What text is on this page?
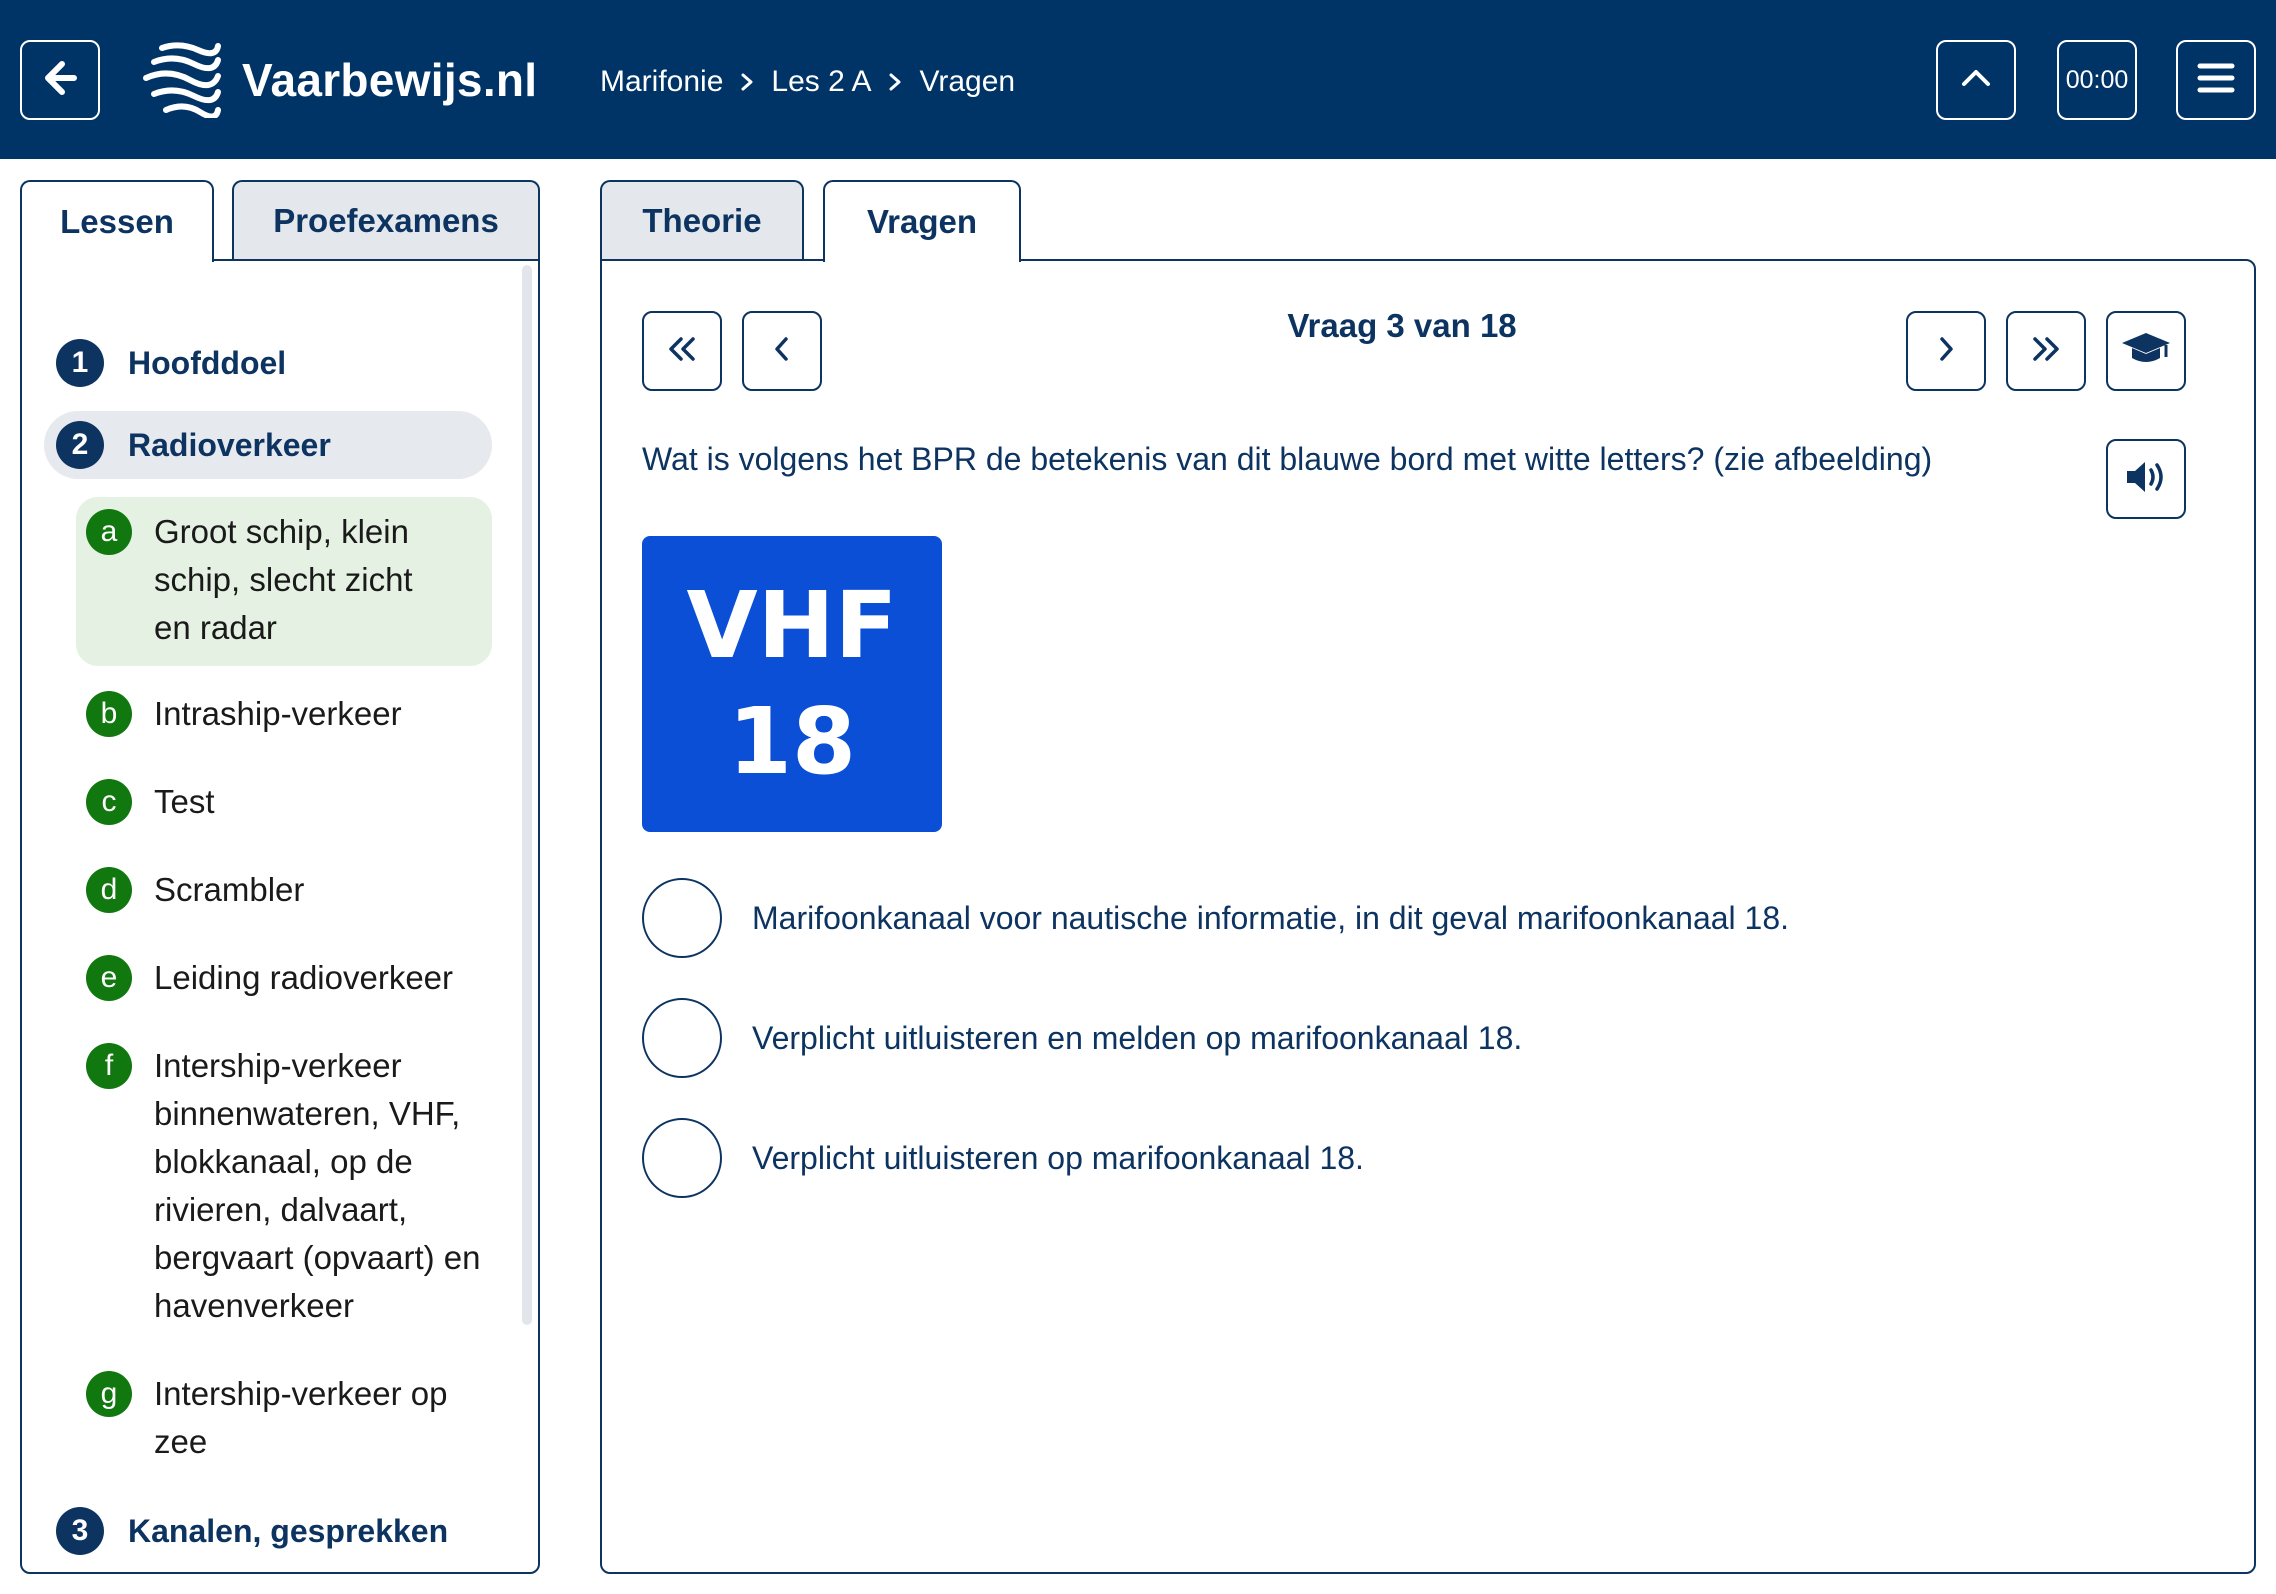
Vaarbewijs.nl Marifonie Les 2 A Vragen	00:00
Lessen	Proefexamens
1	Hoofddoel
2	Radioverkeer
a	Groot schip, klein schip, slecht zicht en radar
b	Intraship-verkeer
c	Test
d	Scrambler
e	Leiding radioverkeer
f	Intership-verkeer binnenwateren, VHF, blokkanaal, op de rivieren, dalvaart, bergvaart (opvaart) en havenverkeer
g	Intership-verkeer op zee
3	Kanalen, gesprekken
Theorie	Vragen
Vraag 3 van 18
Wat is volgens het BPR de betekenis van dit blauwe bord met witte letters? (zie afbeelding)
VHF
18
Marifoonkanaal voor nautische informatie, in dit geval marifoonkanaal 18.
Verplicht uitluisteren en melden op marifoonkanaal 18.
Verplicht uitluisteren op marifoonkanaal 18.
